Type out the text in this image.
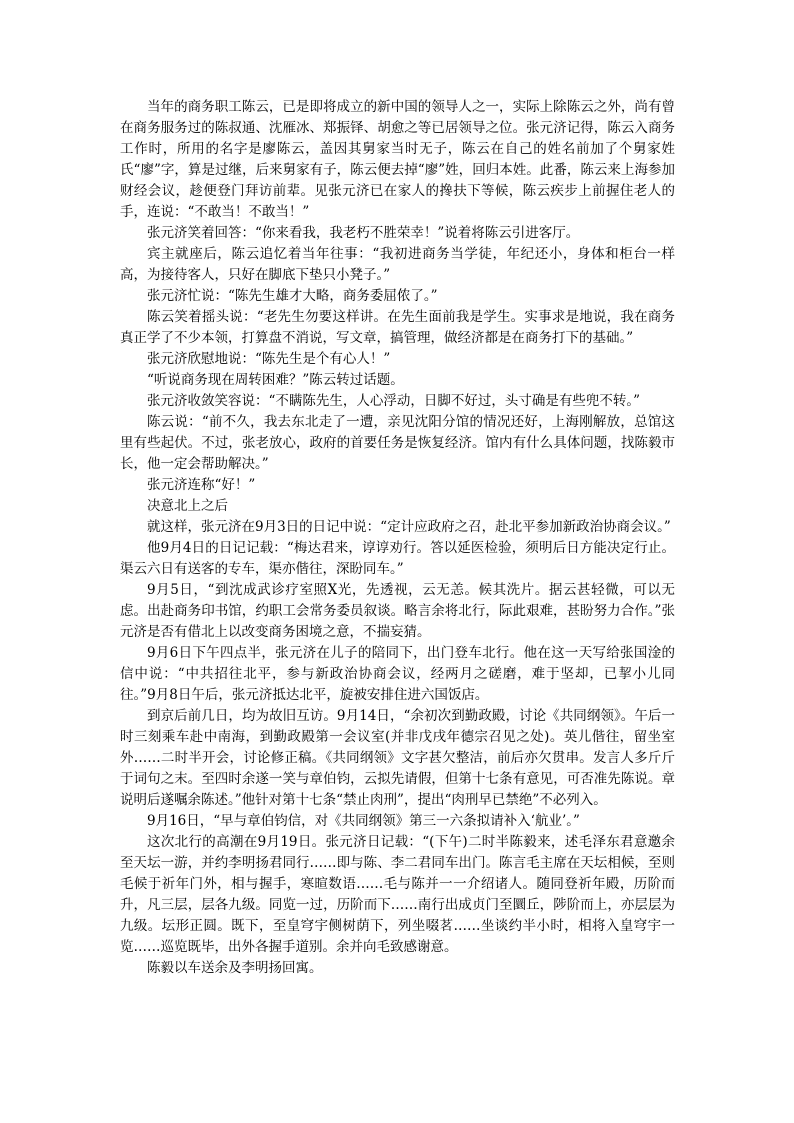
当年的商务职工陈云，已是即将成立的新中国的领导人之一，实际上除陈云之外，尚有曾在商务服务过的陈叔通、沈雁冰、郑振铎、胡愈之等已居领导之位。张元济记得，陈云入商务工作时，所用的名字是廖陈云，盖因其舅家当时无子，陈云在自己的姓名前加了个舅家姓氏“廖”字，算是过继，后来舅家有子，陈云便去掉“廖”姓，回归本姓。此番，陈云来上海参加财经会议，趁便登门拜访前辈。见张元济已在家人的搀扶下等候，陈云疾步上前握住老人的手，连说：“不敢当！不敢当！”

张元济笑着回答：“你来看我，我老朽不胜荣幸！”说着将陈云引进客厅。

宾主就座后，陈云追忆着当年往事：“我初进商务当学徒，年纪还小，身体和柜台一样高，为接待客人，只好在脚底下垫只小凳子。”

张元济忙说：“陈先生雄才大略，商务委屈侬了。”

陈云笑着摇头说：“老先生勿要这样讲。在先生面前我是学生。实事求是地说，我在商务真正学了不少本领，打算盘不消说，写文章，搞管理，做经济都是在商务打下的基础。”

张元济欣慰地说：“陈先生是个有心人！”

“听说商务现在周转困难？”陈云转过话题。

张元济收敛笑容说：“不瞒陈先生，人心浮动，日脚不好过，头寸确是有些兜不转。”

陈云说：“前不久，我去东北走了一遭，亲见沈阳分馆的情况还好，上海刚解放，总馆这里有些起伏。不过，张老放心，政府的首要任务是恢复经济。馆内有什么具体问题，找陈毅市长，他一定会帮助解决。”

张元济连称“好！”

决意北上之后

就这样，张元济在9月3日的日记中说：“定计应政府之召，赴北平参加新政治协商会议。”

他9月4日的日记记载：“梅达君来，谆谆劝行。答以延医检验，须明后日方能决定行止。渠云六日有送客的专车，渠亦偕往，深盼同车。”

9月5日，“到沈成武诊疗室照X光，先透视，云无恙。候其洗片。据云甚轻微，可以无虑。出赴商务印书馆，约职工会常务委员叙谈。略言余将北行，际此艰难，甚盼努力合作。”张元济是否有借北上以改变商务困境之意，不揣妄猜。

9月6日下午四点半，张元济在儿子的陪同下，出门登车北行。他在这一天写给张国淦的信中说：“中共招往北平，参与新政治协商会议，经两月之磋磨，难于坚却，已挈小儿同往。”9月8日午后，张元济抵达北平，旋被安排住进六国饭店。

到京后前几日，均为故旧互访。9月14日，“余初次到勤政殿，讨论《共同纲领》。午后一时三刻乘车赴中南海，到勤政殿第一会议室(并非戊戌年德宗召见之处)。英儿偕往，留坐室外……二时半开会，讨论修正稿。《共同纲领》文字甚欠整洁，前后亦欠贯串。发言人多斤斤于词句之末。至四时余遂一笑与章伯钧，云拟先请假，但第十七条有意见，可否准先陈说。章说明后遂嘱余陈述。”他针对第十七条“禁止肉刑”，提出“肉刑早已禁绝”不必列入。

9月16日，“早与章伯钧信，对《共同纲领》第三一六条拟请补入‘航业’。”

这次北行的高潮在9月19日。张元济日记载：“(下午)二时半陈毅来，述毛泽东君意邀余至天坛一游，并约李明扬君同行……即与陈、李二君同车出门。陈言毛主席在天坛相候，至则毛候于祈年门外，相与握手，寒暄数语……毛与陈并一一介绍诸人。随同登祈年殿，历阶而升，凡三层，层各九级。同览一过，历阶而下……南行出成贞门至圜丘，陟阶而上，亦层层为九级。坛形正圆。既下，至皇穹宇侧树荫下，列坐啜茗……坐谈约半小时，相将入皇穹宇一览……巡览既毕，出外各握手道别。余并向毛致感谢意。

陈毅以车送余及李明扬回寓。
